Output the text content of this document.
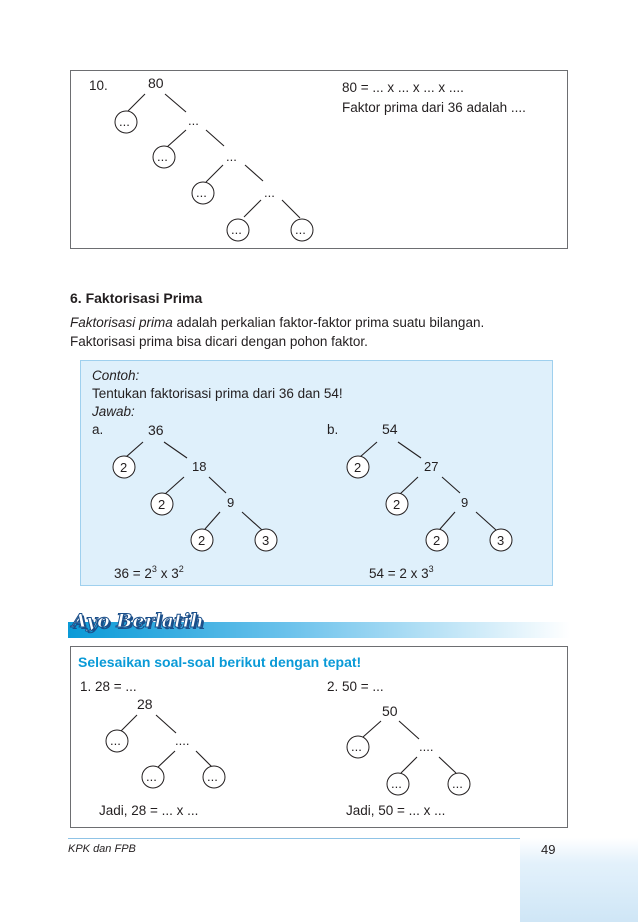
10.	80 = ... x ... x ... x ....
Faktor prima dari 36 adalah ....
80
...	...
...	...
...	...
...	...
6. Faktorisasi Prima
Faktorisasi prima adalah perkalian faktor-faktor prima suatu bilangan.
Faktorisasi prima bisa dicari dengan pohon faktor.
Contoh:
Tentukan faktorisasi prima dari 36 dan 54!
Jawab:
a.	b.
36
2	18
2	9
2	3
54
2	27
2	9
2	3
$36 = 2^3$ x $3^2$	54 = 2 x $3^3$
Ayo Berlatih
Selesaikan soal-soal berikut dengan tepat!
1. 28 = ...	2. 50 = ...
28
...	....
...	...
50
...	....
...	...
Jadi, 28 = ... x ...	Jadi, 50 = ... x ...
KPK dan FPB	49
